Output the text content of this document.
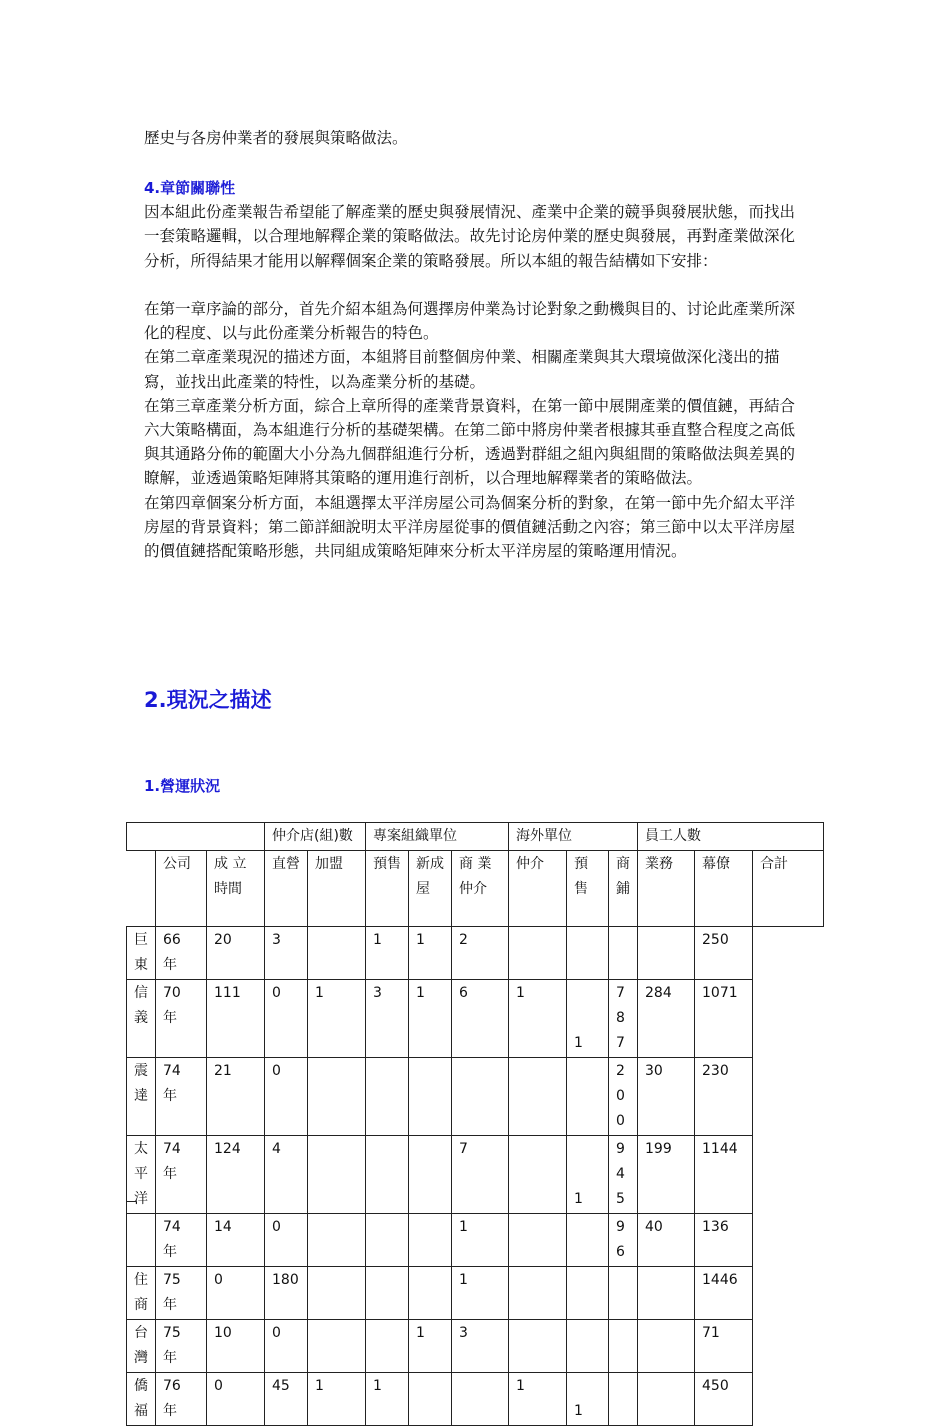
歷史与各房仲業者的發展與策略做法。

4.章節關聯性

因本組此份產業報告希望能了解產業的歷史與發展情況、產業中企業的競爭與發展狀態，而找出一套策略邏輯，以合理地解釋企業的策略做法。故先讨论房仲業的歷史與發展，再對產業做深化分析，所得結果才能用以解釋個案企業的策略發展。所以本組的報告結構如下安排：

在第一章序論的部分，首先介紹本組為何選擇房仲業為讨论對象之動機與目的、讨论此產業所深化的程度、以与此份產業分析報告的特色。

在第二章產業現況的描述方面，本組將目前整個房仲業、相關產業與其大環境做深化淺出的描寫，並找出此產業的特性，以為產業分析的基礎。

在第三章產業分析方面，綜合上章所得的產業背景資料，在第一節中展開產業的價值鏈，再結合六大策略構面，為本組進行分析的基礎架構。在第二節中將房仲業者根據其垂直整合程度之高低與其通路分佈的範圍大小分為九個群組進行分析，透過對群組之組內與組間的策略做法與差異的瞭解，並透過策略矩陣將其策略的運用進行剖析，以合理地解釋業者的策略做法。

在第四章個案分析方面，本組選擇太平洋房屋公司為個案分析的對象，在第一節中先介紹太平洋房屋的背景資料；第二節詳細說明太平洋房屋從事的價值鏈活動之內容；第三節中以太平洋房屋的價值鏈搭配策略形態，共同組成策略矩陣來分析太平洋房屋的策略運用情況。

2.現況之描述
1.營運狀況
			仲介店(組)數		專案組織單位			海外單位			員工人數		
	公司	成 立 時間	直營	加盟	預售	新成屋	商 業 仲介	仲介	預售	商鋪	業務	幕僚	合計
巨東	66 年	20	3		1	1	2					250	
信義	70 年	111	0	1	3	1	6	1	1	787	284	1071	
震達	74 年	21	0							200	30	230	
太平洋	74 年	124	4				7		1	945	199	1144	
	74 年	14	0				1			96	40	136	
住商	75 年	0	180				1					1446	
台灣	75 年	10	0			1	3					71	
僑福	76 年	0	45	1	1			1	1			450	
